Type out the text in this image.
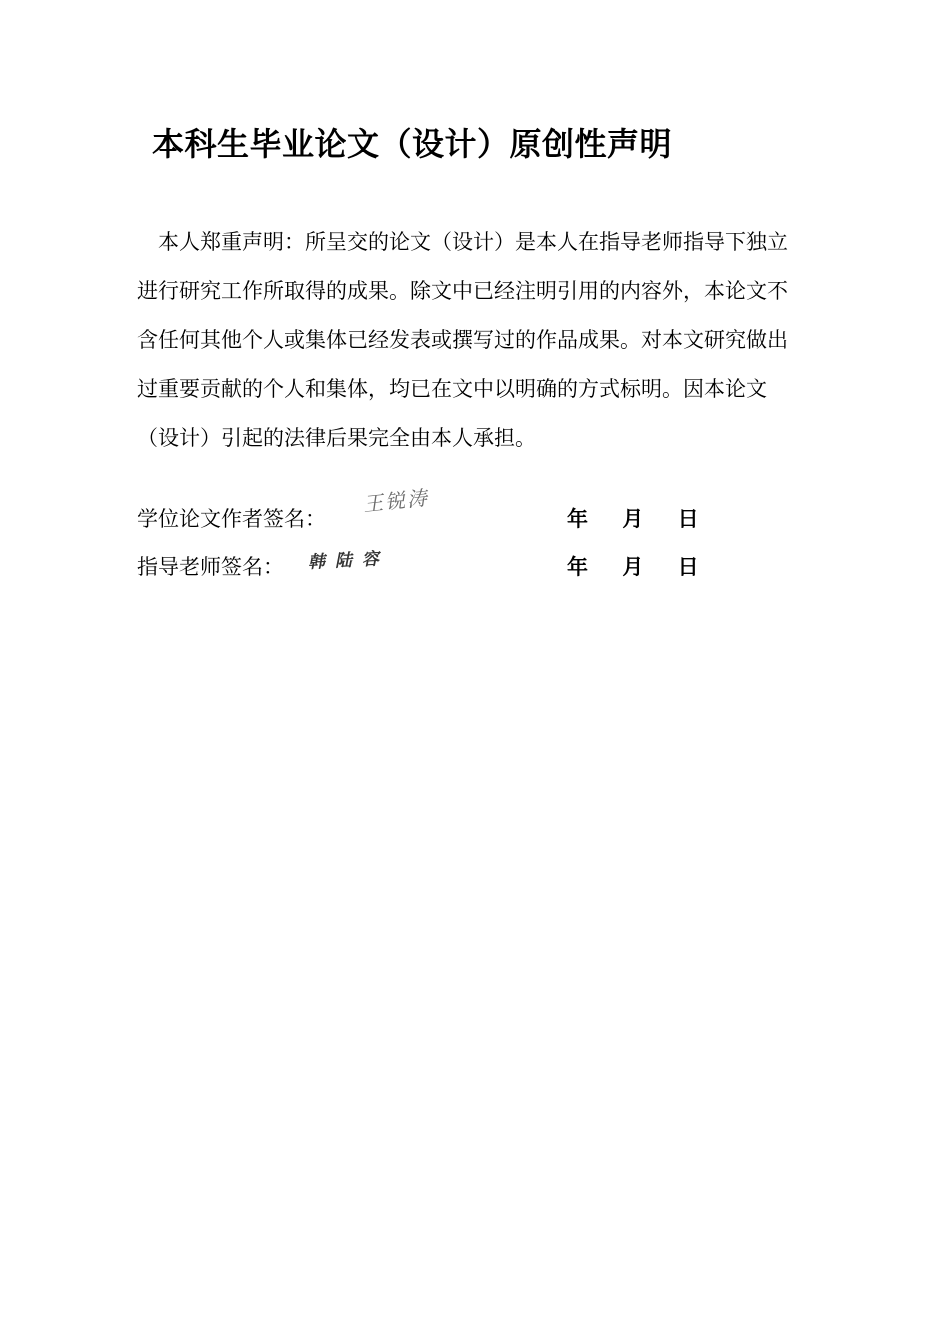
本科生毕业论文（设计）原创性声明

　本人郑重声明：所呈交的论文（设计）是本人在指导老师指导下独立
进行研究工作所取得的成果。除文中已经注明引用的内容外，本论文不
含任何其他个人或集体已经发表或撰写过的作品成果。对本文研究做出
过重要贡献的个人和集体，均已在文中以明确的方式标明。因本论文
（设计）引起的法律后果完全由本人承担。

学位论文作者签名：
王锐涛
年 月 日
指导老师签名： 韩 陆 容	年 月 日
